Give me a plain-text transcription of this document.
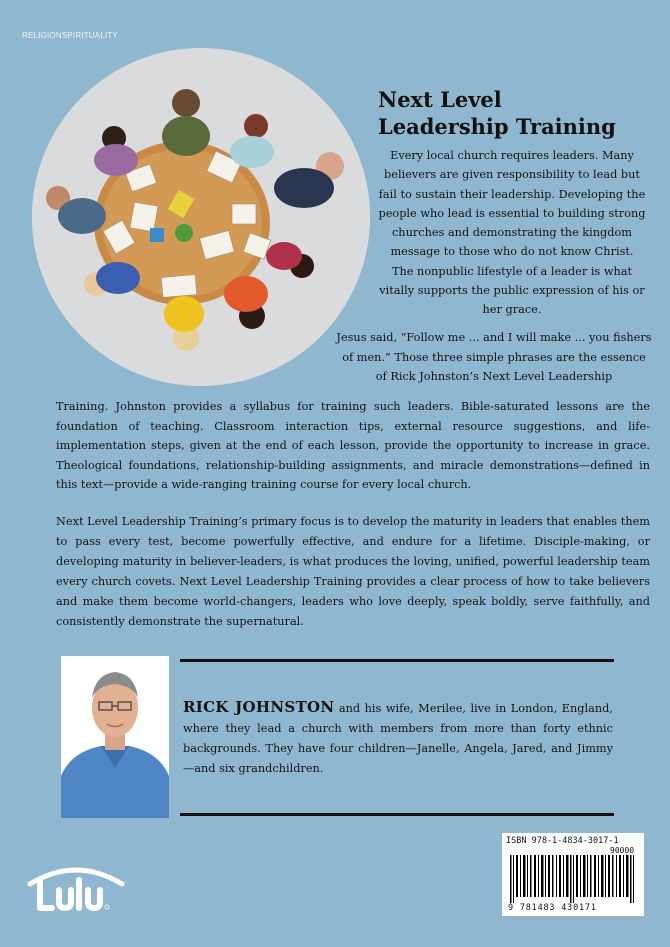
RELIGIONSPIRITUALITY
Next Level
Leadership Training
Every local church requires leaders. Many believers are given responsibility to lead but fail to sustain their leadership. Developing the people who lead is essential to building strong churches and demonstrating the kingdom message to those who do not know Christ. The nonpublic lifestyle of a leader is what vitally supports the public expression of his or her grace.
Jesus said, “Follow me ... and I will make ... you fishers of men.” Those three simple phrases are the essence of Rick Johnston’s Next Level Leadership
Training. Johnston provides a syllabus for training such leaders. Bible-saturated lessons are the foundation of teaching. Classroom interaction tips, external resource suggestions, and life-implementation steps, given at the end of each lesson, provide the opportunity to increase in grace. Theological foundations, relationship-building assignments, and miracle demonstrations—defined in this text—provide a wide-ranging training course for every local church.
Next Level Leadership Training’s primary focus is to develop the maturity in leaders that enables them to pass every test, become powerfully effective, and endure for a lifetime. Disciple-making, or developing maturity in believer-leaders, is what produces the loving, unified, powerful leadership team every church covets. Next Level Leadership Training provides a clear process of how to take believers and make them become world-changers, leaders who love deeply, speak boldly, serve faithfully, and consistently demonstrate the supernatural.
RICK JOHNSTON and his wife, Merilee, live in London, England, where they lead a church with members from more than forty ethnic backgrounds. They have four children—Janelle, Angela, Jared, and Jimmy—and six grandchildren.
ISBN 978-1-4834-3017-1
90000
9 781483 430171
